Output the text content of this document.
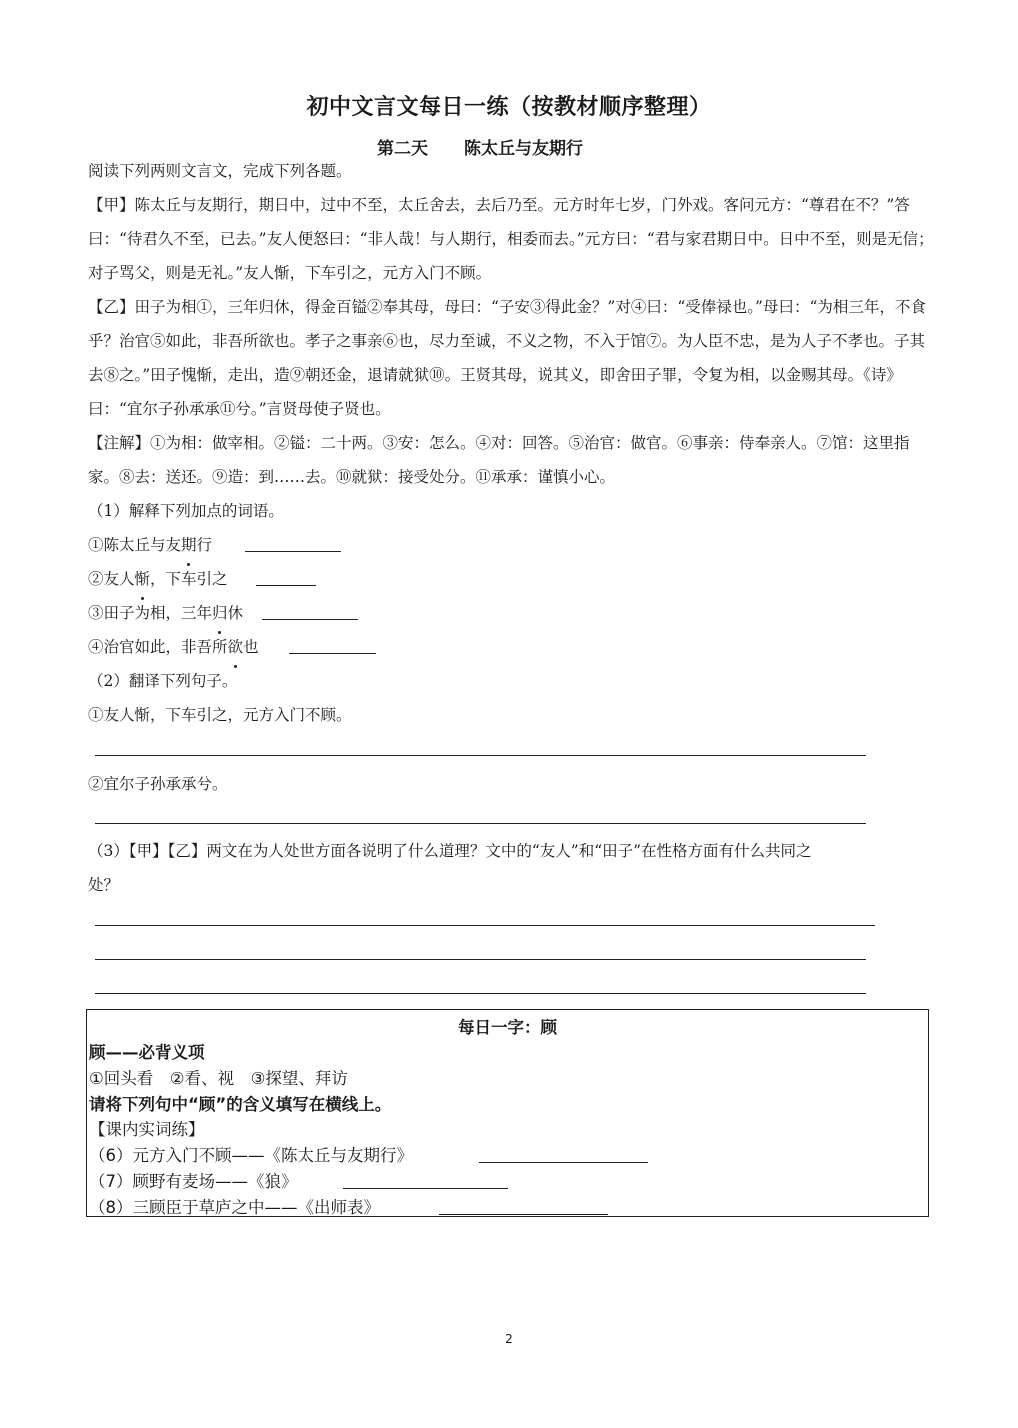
初中文言文每日一练（按教材顺序整理）
第二天 陈太丘与友期行
阅读下列两则文言文，完成下列各题。
【甲】陈太丘与友期行，期日中，过中不至，太丘舍去，去后乃至。元方时年七岁，门外戏。客问元方：“尊君在不？”答曰：“待君久不至，已去。”友人便怒曰：“非人哉！与人期行，相委而去。”元方曰：“君与家君期日中。日中不至，则是无信；对子骂父，则是无礼。”友人惭，下车引之，元方入门不顾。
【乙】田子为相①，三年归休，得金百镒②奉其母，母曰：“子安③得此金？”对④曰：“受俸禄也。”母曰：“为相三年，不食乎？治官⑤如此，非吾所欲也。孝子之事亲⑥也，尽力至诚，不义之物，不入于馆⑦。为人臣不忠，是为人子不孝也。子其去⑧之。”田子愧惭，走出，造⑨朝还金，退请就狱⑩。王贤其母，说其义，即舍田子罪，令复为相，以金赐其母。《诗》曰：“宜尔子孙承承⑪兮。”言贤母使子贤也。
【注解】①为相：做宰相。②镒：二十两。③安：怎么。④对：回答。⑤治官：做官。⑥事亲：侍奉亲人。⑦馆：这里指家。⑧去：送还。⑨造：到……去。⑩就狱：接受处分。⑪承承：谨慎小心。
（1）解释下列加点的词语。
①陈太丘与友期行
②友人惭，下车引之
③田子为相，三年归休
④治官如此，非吾所欲也
（2）翻译下列句子。
①友人惭，下车引之，元方入门不顾。
②宜尔子孙承承兮。
（3）【甲】【乙】两文在为人处世方面各说明了什么道理？文中的“友人”和“田子”在性格方面有什么共同之
处？
每日一字：顾
顾——必背义项
①回头看　②看、视　③探望、拜访
请将下列句中“顾”的含义填写在横线上。
【课内实词练】
（6）元方入门不顾——《陈太丘与友期行》
（7）顾野有麦场——《狼》
（8）三顾臣于草庐之中——《出师表》
2
